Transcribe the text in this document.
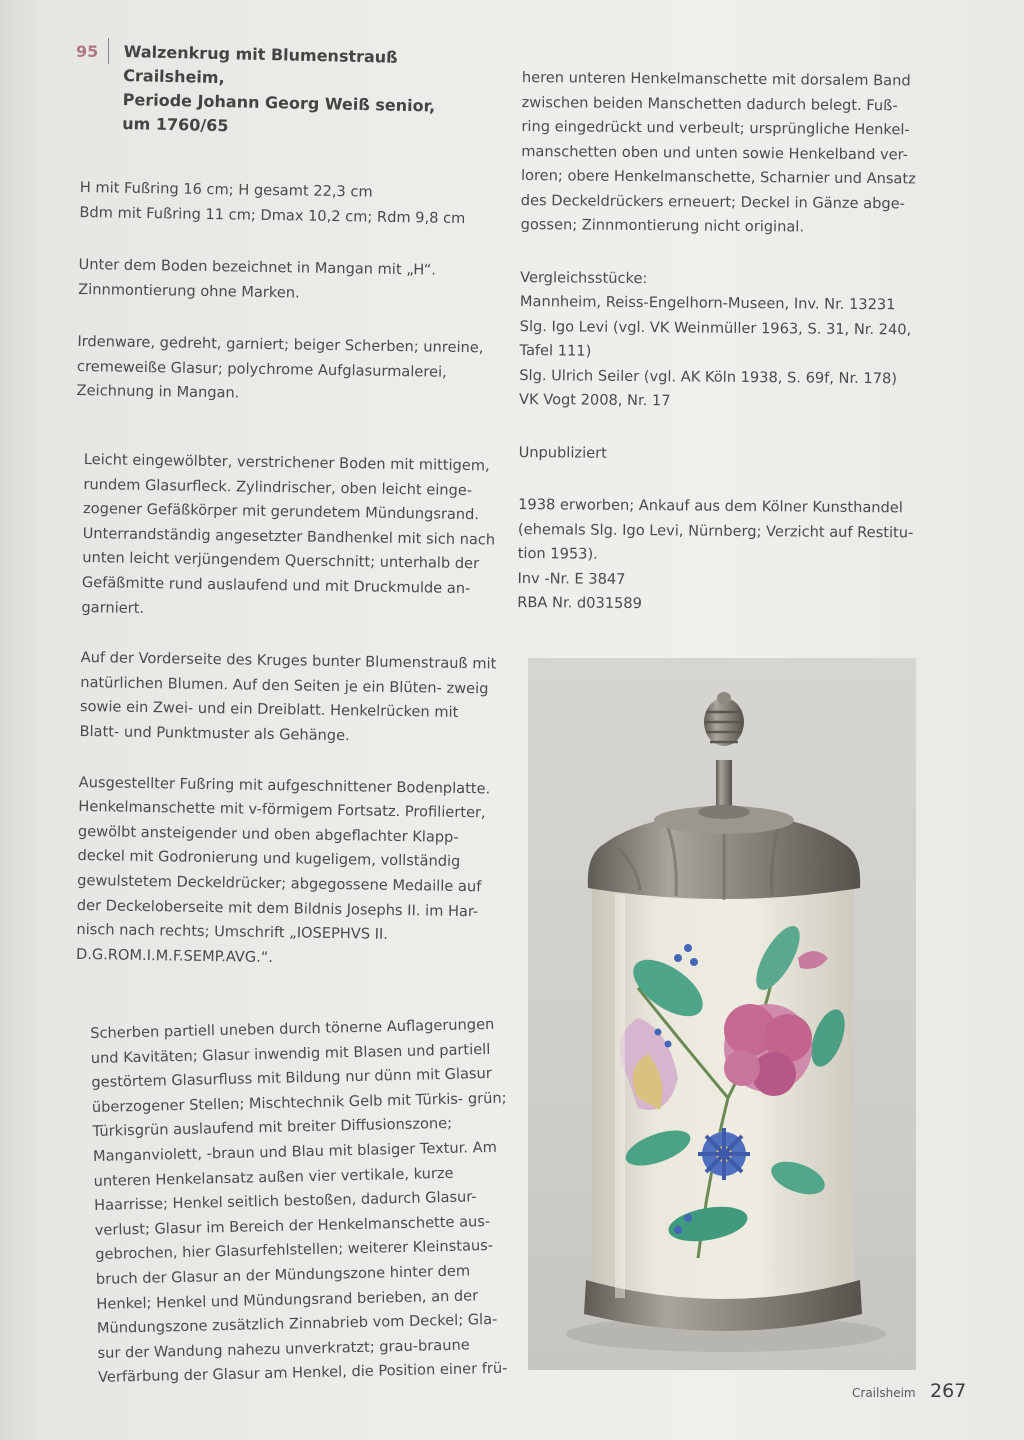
95 Walzenkrug mit Blumenstrauß
Crailsheim,
Periode Johann Georg Weiß senior,
um 1760/65

H mit Fußring 16 cm; H gesamt 22,3 cm
Bdm mit Fußring 11 cm; Dmax 10,2 cm; Rdm 9,8 cm

Unter dem Boden bezeichnet in Mangan mit „H“.
Zinnmontierung ohne Marken.

Irdenware, gedreht, garniert; beiger Scherben; unreine,
cremeweiße Glasur; polychrome Aufglasurmalerei,
Zeichnung in Mangan.

Leicht eingewölbter, verstrichener Boden mit mittigem, rundem Glasurfleck. Zylindrischer, oben leicht einge- zogener Gefäßkörper mit gerundetem Mündungsrand. Unterrandständig angesetzter Bandhenkel mit sich nach unten leicht verjüngendem Querschnitt; unterhalb der Gefäßmitte rund auslaufend und mit Druckmulde an- garniert.

Auf der Vorderseite des Kruges bunter Blumenstrauß mit natürlichen Blumen. Auf den Seiten je ein Blüten- zweig sowie ein Zwei- und ein Dreiblatt. Henkelrücken mit Blatt- und Punktmuster als Gehänge.

Ausgestellter Fußring mit aufgeschnittener Bodenplatte. Henkelmanschette mit v-förmigem Fortsatz. Profilierter, gewölbt ansteigender und oben abgeflachter Klapp- deckel mit Godronierung und kugeligem, vollständig gewulstetem Deckeldrücker; abgegossene Medaille auf der Deckeloberseite mit dem Bildnis Josephs II. im Har- nisch nach rechts; Umschrift „IOSEPHVS II. D.G.ROM.I.M.F.SEMP.AVG.“.

Scherben partiell uneben durch tönerne Auflagerungen und Kavitäten; Glasur inwendig mit Blasen und partiell gestörtem Glasurfluss mit Bildung nur dünn mit Glasur überzogener Stellen; Mischtechnik Gelb mit Türkis- grün; Türkisgrün auslaufend mit breiter Diffusionszone; Manganviolett, -braun und Blau mit blasiger Textur. Am unteren Henkelansatz außen vier vertikale, kurze Haarrisse; Henkel seitlich bestoßen, dadurch Glasur- verlust; Glasur im Bereich der Henkelmanschette aus- gebrochen, hier Glasurfehlstellen; weiterer Kleinstaus- bruch der Glasur an der Mündungszone hinter dem Henkel; Henkel und Mündungsrand berieben, an der Mündungszone zusätzlich Zinnabrieb vom Deckel; Gla- sur der Wandung nahezu unverkratzt; grau-braune Verfärbung der Glasur am Henkel, die Position einer frü-

heren unteren Henkelmanschette mit dorsalem Band
zwischen beiden Manschetten dadurch belegt. Fuß-
ring eingedrückt und verbeult; ursprüngliche Henkel-
manschetten oben und unten sowie Henkelband ver-
loren; obere Henkelmanschette, Scharnier und Ansatz
des Deckeldrückers erneuert; Deckel in Gänze abge-
gossen; Zinnmontierung nicht original.

Vergleichsstücke:
Mannheim, Reiss-Engelhorn-Museen, Inv. Nr. 13231
Slg. Igo Levi (vgl. VK Weinmüller 1963, S. 31, Nr. 240,
Tafel 111)
Slg. Ulrich Seiler (vgl. AK Köln 1938, S. 69f, Nr. 178)
VK Vogt 2008, Nr. 17

Unpubliziert

1938 erworben; Ankauf aus dem Kölner Kunsthandel
(ehemals Slg. Igo Levi, Nürnberg; Verzicht auf Restitu-
tion 1953).
Inv -Nr. E 3847
RBA Nr. d031589

Crailsheim 267
